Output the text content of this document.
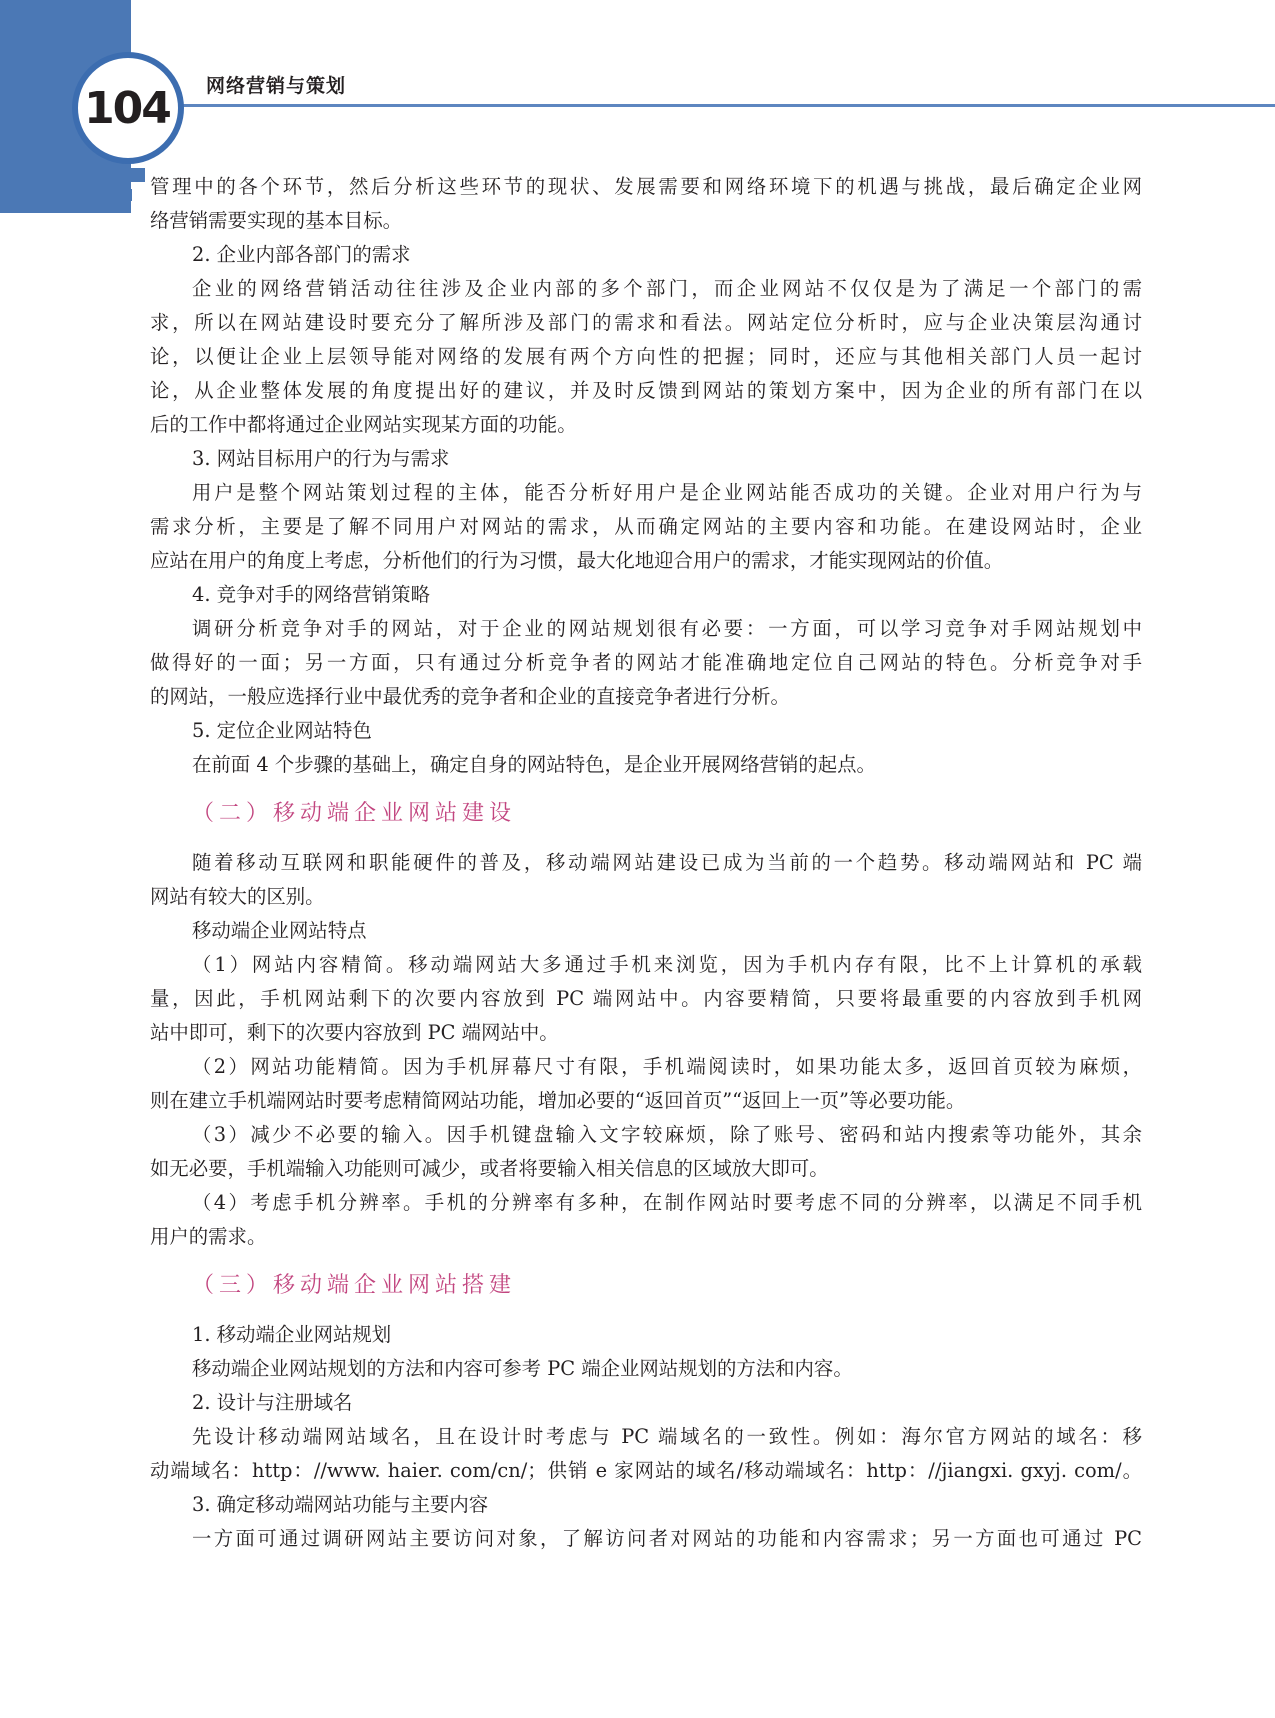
104 网络营销与策划
管理中的各个环节，然后分析这些环节的现状、发展需要和网络环境下的机遇与挑战，最后确定企业网
络营销需要实现的基本目标。
2. 企业内部各部门的需求
企业的网络营销活动往往涉及企业内部的多个部门，而企业网站不仅仅是为了满足一个部门的需
求，所以在网站建设时要充分了解所涉及部门的需求和看法。网站定位分析时，应与企业决策层沟通讨
论，以便让企业上层领导能对网络的发展有两个方向性的把握；同时，还应与其他相关部门人员一起讨
论，从企业整体发展的角度提出好的建议，并及时反馈到网站的策划方案中，因为企业的所有部门在以
后的工作中都将通过企业网站实现某方面的功能。
3. 网站目标用户的行为与需求
用户是整个网站策划过程的主体，能否分析好用户是企业网站能否成功的关键。企业对用户行为与
需求分析，主要是了解不同用户对网站的需求，从而确定网站的主要内容和功能。在建设网站时，企业
应站在用户的角度上考虑，分析他们的行为习惯，最大化地迎合用户的需求，才能实现网站的价值。
4. 竞争对手的网络营销策略
调研分析竞争对手的网站，对于企业的网站规划很有必要：一方面，可以学习竞争对手网站规划中
做得好的一面；另一方面，只有通过分析竞争者的网站才能准确地定位自己网站的特色。分析竞争对手
的网站，一般应选择行业中最优秀的竞争者和企业的直接竞争者进行分析。
5. 定位企业网站特色
在前面 4 个步骤的基础上，确定自身的网站特色，是企业开展网络营销的起点。
（二）移动端企业网站建设
随着移动互联网和职能硬件的普及，移动端网站建设已成为当前的一个趋势。移动端网站和 PC 端
网站有较大的区别。
移动端企业网站特点
（1）网站内容精简。移动端网站大多通过手机来浏览，因为手机内存有限，比不上计算机的承载
量，因此，手机网站剩下的次要内容放到 PC 端网站中。内容要精简，只要将最重要的内容放到手机网
站中即可，剩下的次要内容放到 PC 端网站中。
（2）网站功能精简。因为手机屏幕尺寸有限，手机端阅读时，如果功能太多，返回首页较为麻烦，
则在建立手机端网站时要考虑精简网站功能，增加必要的“返回首页”“返回上一页”等必要功能。
（3）减少不必要的输入。因手机键盘输入文字较麻烦，除了账号、密码和站内搜索等功能外，其余
如无必要，手机端输入功能则可减少，或者将要输入相关信息的区域放大即可。
（4）考虑手机分辨率。手机的分辨率有多种，在制作网站时要考虑不同的分辨率，以满足不同手机
用户的需求。
（三）移动端企业网站搭建
1. 移动端企业网站规划
移动端企业网站规划的方法和内容可参考 PC 端企业网站规划的方法和内容。
2. 设计与注册域名
先设计移动端网站域名，且在设计时考虑与 PC 端域名的一致性。例如：海尔官方网站的域名：移
动端域名：http：//www. haier. com/cn/；供销 e 家网站的域名/移动端域名：http：//jiangxi. gxyj. com/。
3. 确定移动端网站功能与主要内容
一方面可通过调研网站主要访问对象，了解访问者对网站的功能和内容需求；另一方面也可通过 PC
